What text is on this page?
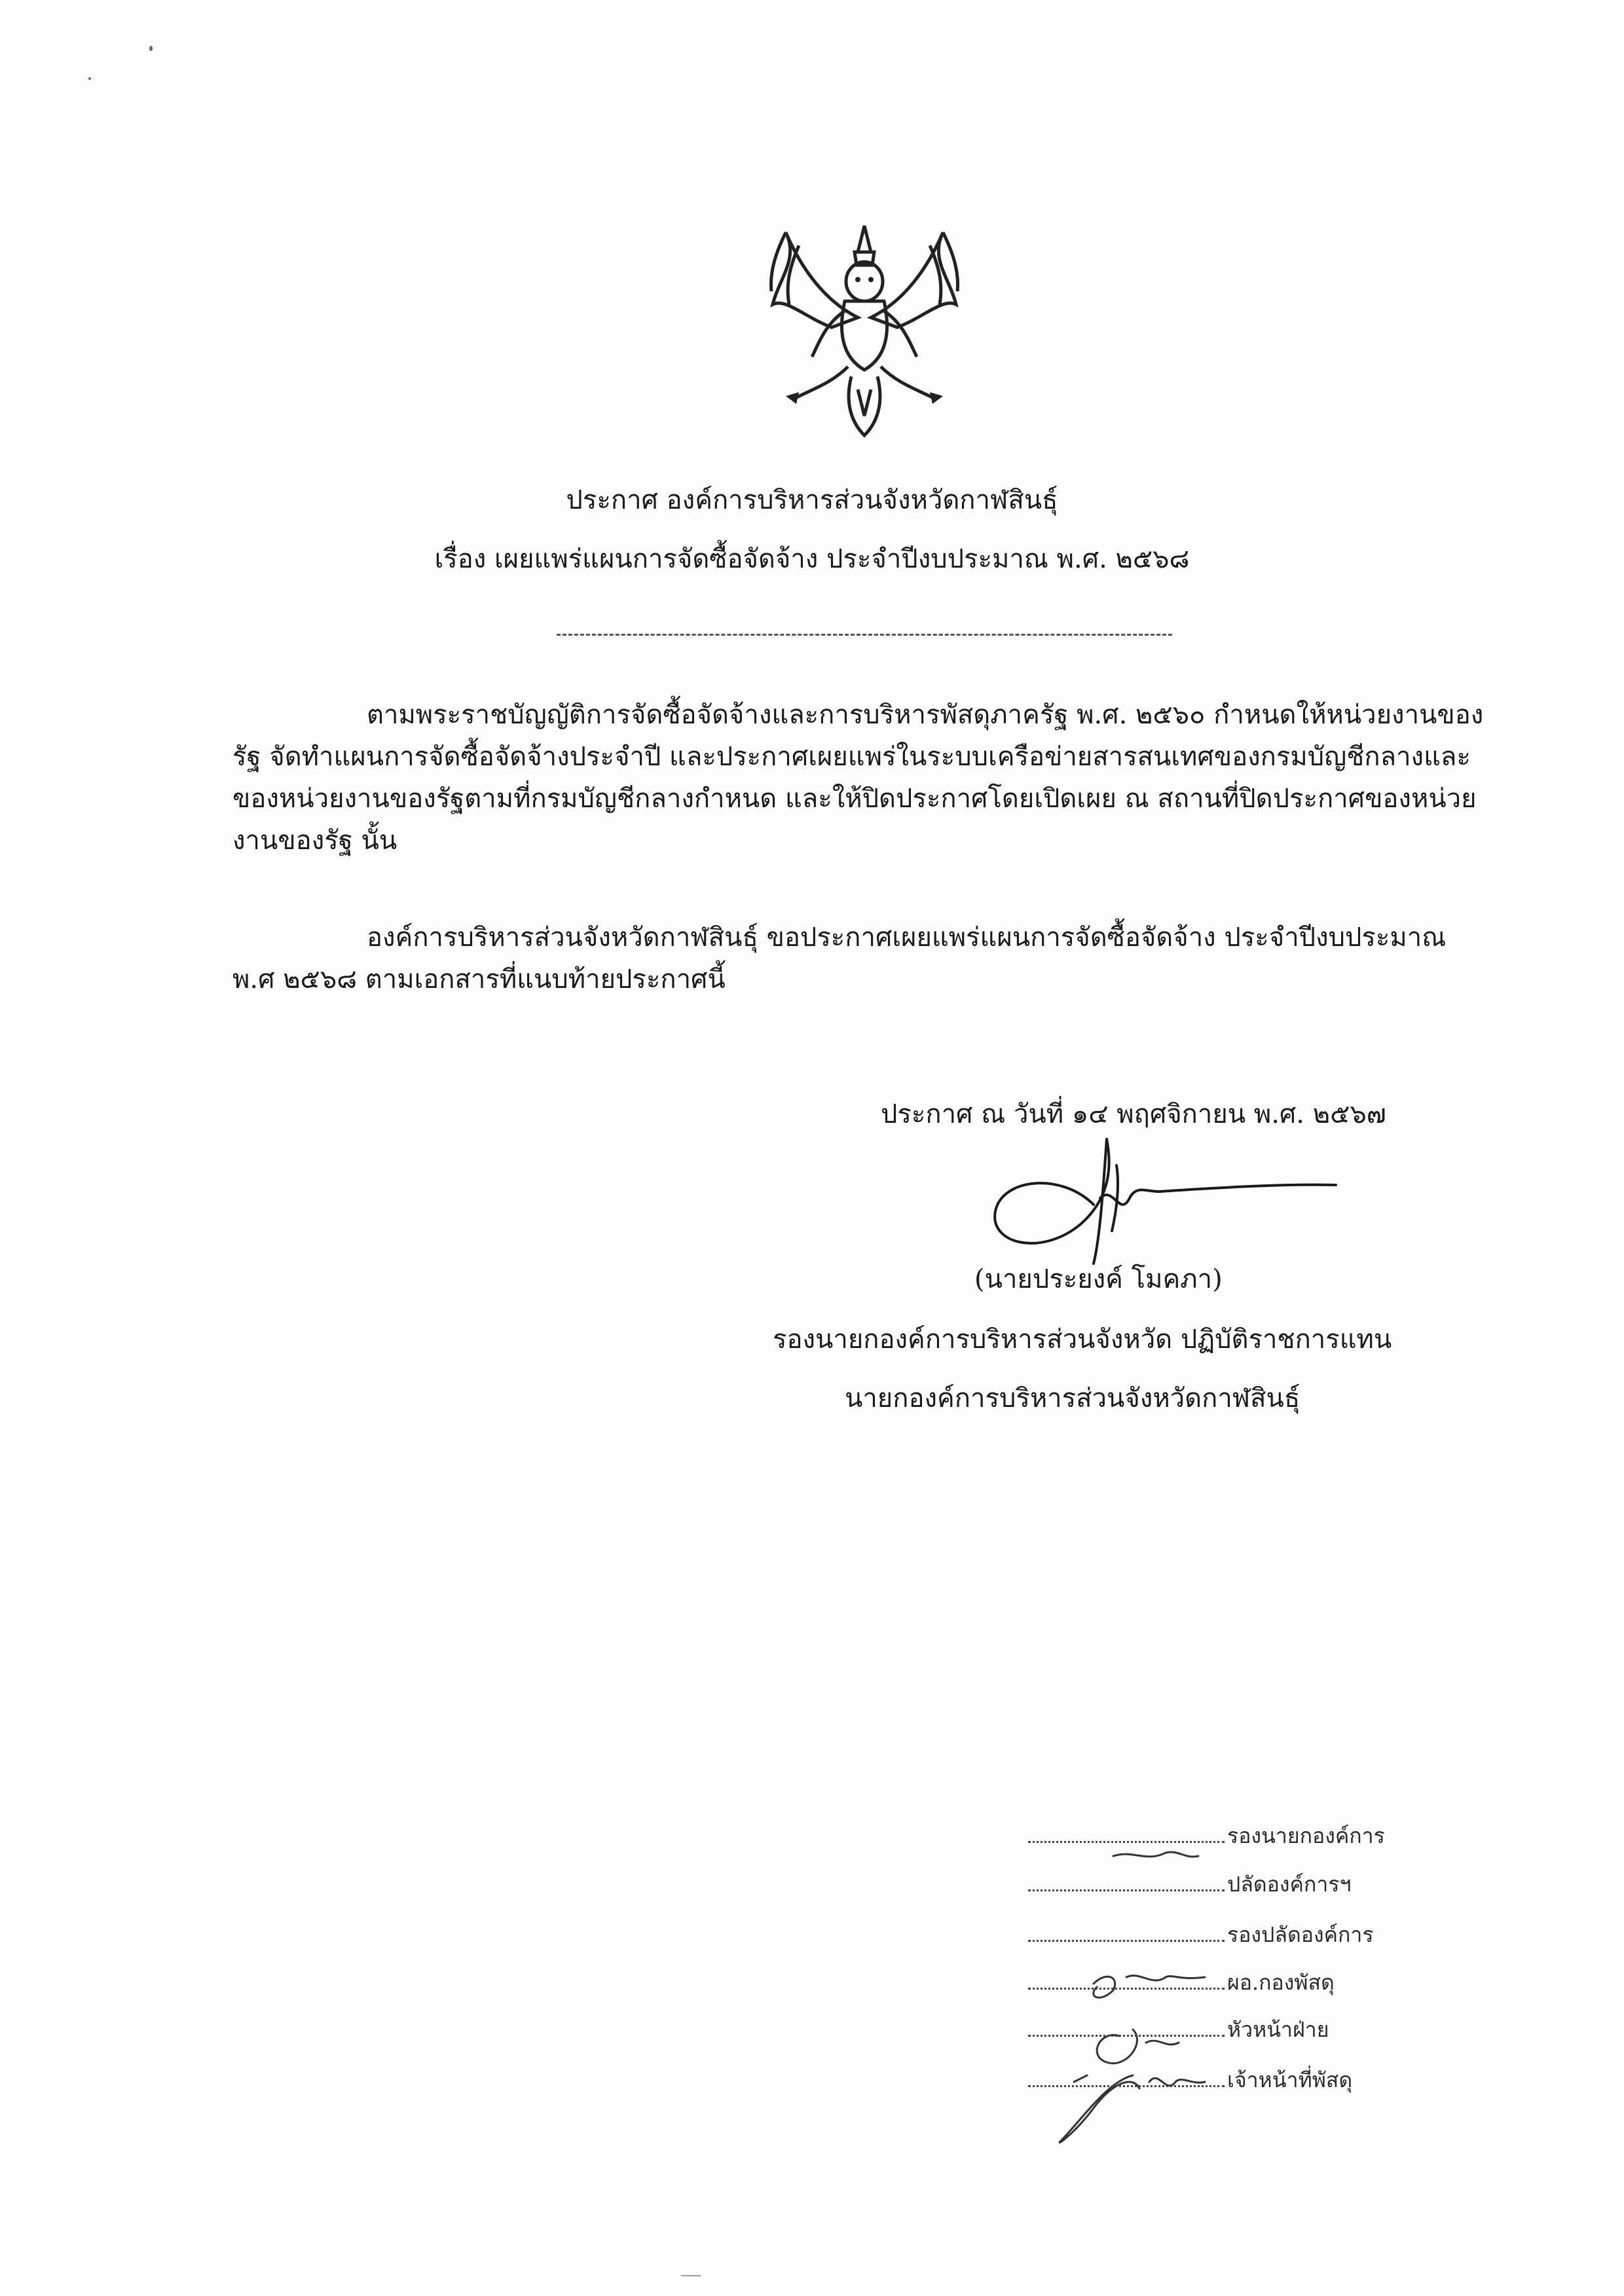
ประกาศ องค์การบริหารส่วนจังหวัดกาฬสินธุ์
เรื่อง เผยแพร่แผนการจัดซื้อจัดจ้าง ประจำปีงบประมาณ พ.ศ. ๒๕๖๘
ตามพระราชบัญญัติการจัดซื้อจัดจ้างและการบริหารพัสดุภาครัฐ พ.ศ. ๒๕๖๐ กำหนดให้หน่วยงานของรัฐ จัดทำแผนการจัดซื้อจัดจ้างประจำปี และประกาศเผยแพร่ในระบบเครือข่ายสารสนเทศของกรมบัญชีกลางและของหน่วยงานของรัฐตามที่กรมบัญชีกลางกำหนด และให้ปิดประกาศโดยเปิดเผย ณ สถานที่ปิดประกาศของหน่วยงานของรัฐ นั้น
องค์การบริหารส่วนจังหวัดกาฬสินธุ์ ขอประกาศเผยแพร่แผนการจัดซื้อจัดจ้าง ประจำปีงบประมาณ พ.ศ ๒๕๖๘ ตามเอกสารที่แนบท้ายประกาศนี้
ประกาศ ณ วันที่ ๑๔ พฤศจิกายน พ.ศ. ๒๕๖๗
(นายประยงค์ โมคภา)
รองนายกองค์การบริหารส่วนจังหวัด ปฏิบัติราชการแทน
นายกองค์การบริหารส่วนจังหวัดกาฬสินธุ์
รองนายกองค์การ
ปลัดองค์การฯ
รองปลัดองค์การ
ผอ.กองพัสดุ
หัวหน้าฝ่าย
เจ้าหน้าที่พัสดุ
